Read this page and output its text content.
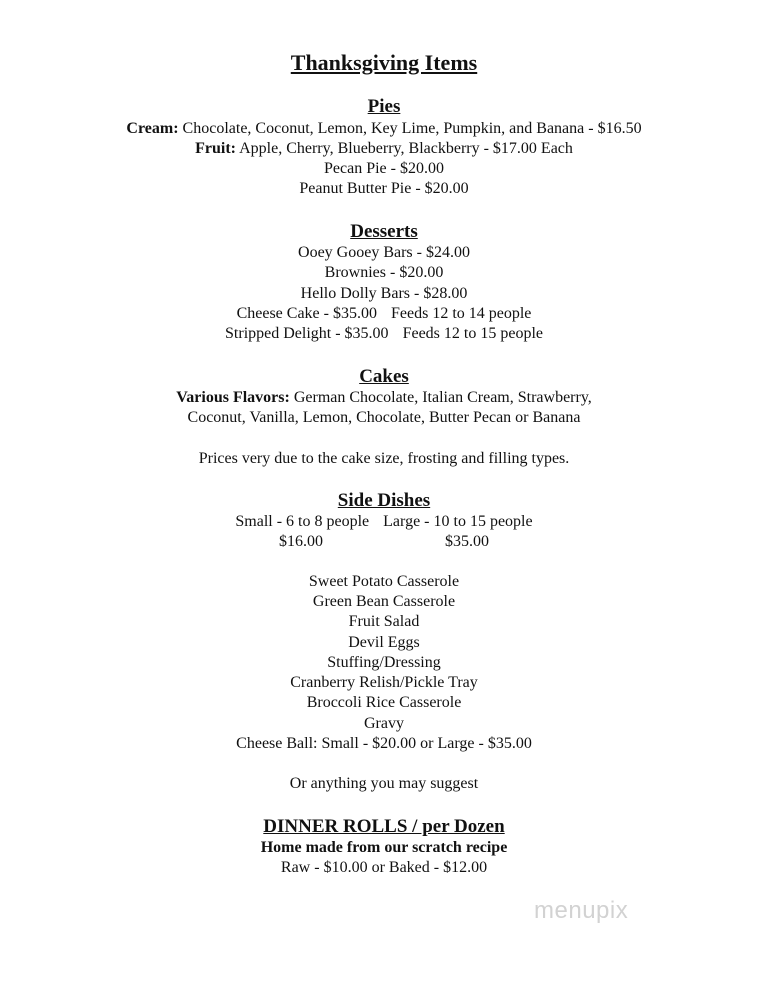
Thanksgiving Items
Pies
Cream: Chocolate, Coconut, Lemon, Key Lime, Pumpkin, and Banana - $16.50
Fruit: Apple, Cherry, Blueberry, Blackberry - $17.00 Each
Pecan Pie - $20.00
Peanut Butter Pie - $20.00
Desserts
Ooey Gooey Bars - $24.00
Brownies - $20.00
Hello Dolly Bars - $28.00
Cheese Cake - $35.00 Feeds 12 to 14 people
Stripped Delight - $35.00 Feeds 12 to 15 people
Cakes
Various Flavors: German Chocolate, Italian Cream, Strawberry,
Coconut, Vanilla, Lemon, Chocolate, Butter Pecan or Banana
Prices very due to the cake size, frosting and filling types.
Side Dishes
Small - 6 to 8 people Large - 10 to 15 people
$16.00	$35.00
Sweet Potato Casserole
Green Bean Casserole
Fruit Salad
Devil Eggs
Stuffing/Dressing
Cranberry Relish/Pickle Tray
Broccoli Rice Casserole
Gravy
Cheese Ball: Small - $20.00 or Large - $35.00
Or anything you may suggest
DINNER ROLLS / per Dozen
Home made from our scratch recipe
Raw - $10.00 or Baked - $12.00
menupix
